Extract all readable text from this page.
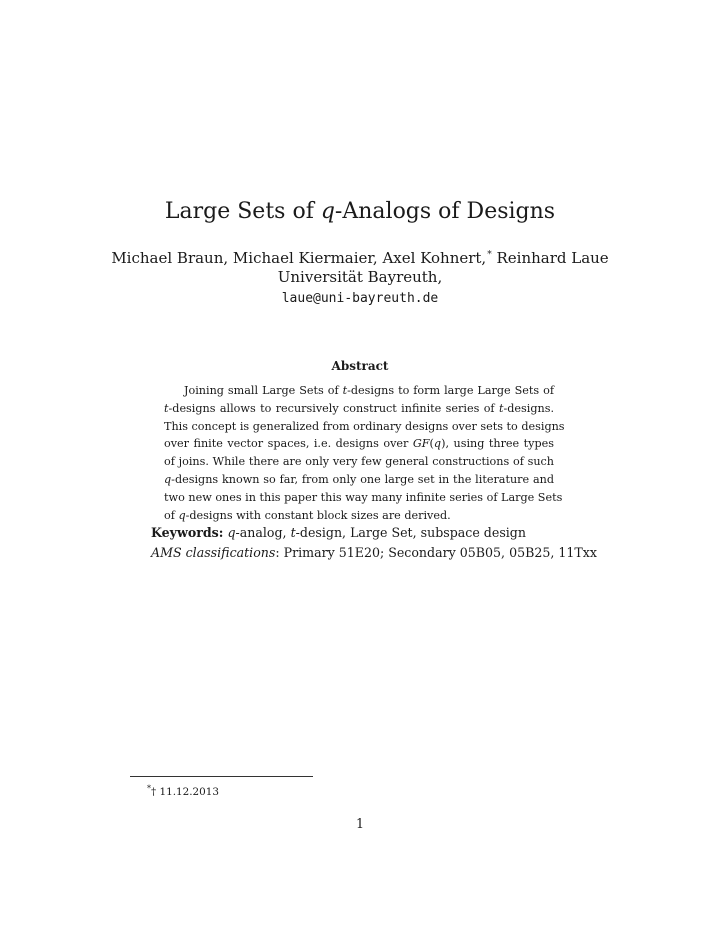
Large Sets of q-Analogs of Designs
Michael Braun, Michael Kiermaier, Axel Kohnert,* Reinhard Laue
Universität Bayreuth,
laue@uni-bayreuth.de
Abstract
Joining small Large Sets of t-designs to form large Large Sets of
t-designs allows to recursively construct infinite series of t-designs.
This concept is generalized from ordinary designs over sets to designs
over finite vector spaces, i.e. designs over GF(q), using three types
of joins. While there are only very few general constructions of such
q-designs known so far, from only one large set in the literature and
two new ones in this paper this way many infinite series of Large Sets
of q-designs with constant block sizes are derived.
Keywords: q-analog, t-design, Large Set, subspace design
AMS classifications: Primary 51E20; Secondary 05B05, 05B25, 11Txx
*† 11.12.2013
1
